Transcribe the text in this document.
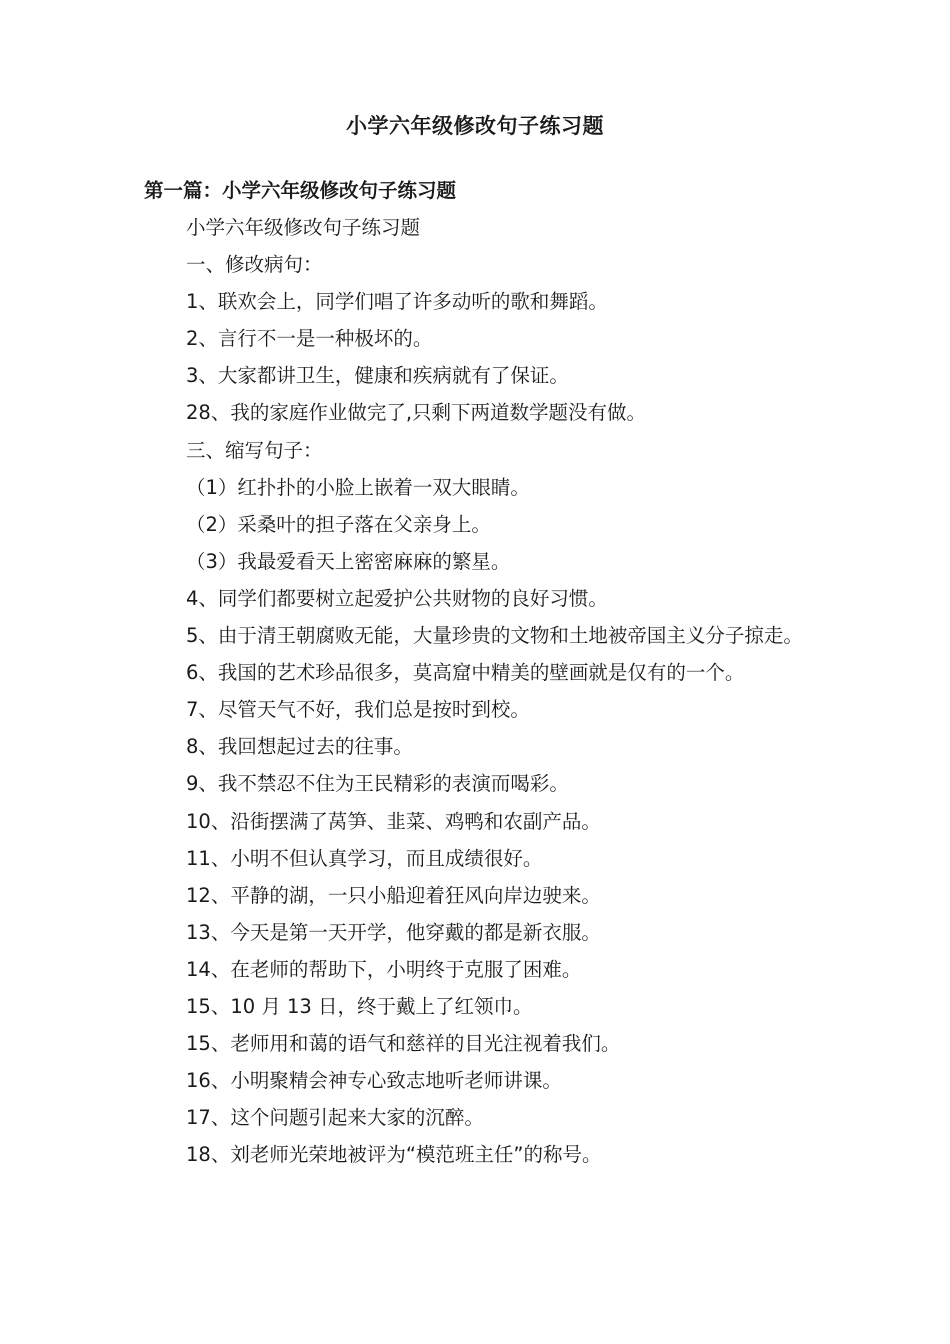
小学六年级修改句子练习题
第一篇：小学六年级修改句子练习题

小学六年级修改句子练习题

一、修改病句：

1、联欢会上，同学们唱了许多动听的歌和舞蹈。

2、言行不一是一种极坏的。

3、大家都讲卫生，健康和疾病就有了保证。

28、我的家庭作业做完了,只剩下两道数学题没有做。

三、缩写句子：

（1）红扑扑的小脸上嵌着一双大眼睛。

（2）采桑叶的担子落在父亲身上。

（3）我最爱看天上密密麻麻的繁星。

4、同学们都要树立起爱护公共财物的良好习惯。

5、由于清王朝腐败无能，大量珍贵的文物和土地被帝国主义分子掠走。

6、我国的艺术珍品很多，莫高窟中精美的壁画就是仅有的一个。

7、尽管天气不好，我们总是按时到校。

8、我回想起过去的往事。

9、我不禁忍不住为王民精彩的表演而喝彩。

10、沿街摆满了莴笋、韭菜、鸡鸭和农副产品。

11、小明不但认真学习，而且成绩很好。

12、平静的湖，一只小船迎着狂风向岸边驶来。

13、今天是第一天开学，他穿戴的都是新衣服。

14、在老师的帮助下，小明终于克服了困难。

15、10 月 13 日，终于戴上了红领巾。

15、老师用和蔼的语气和慈祥的目光注视着我们。

16、小明聚精会神专心致志地听老师讲课。

17、这个问题引起来大家的沉醉。

18、刘老师光荣地被评为“模范班主任”的称号。
